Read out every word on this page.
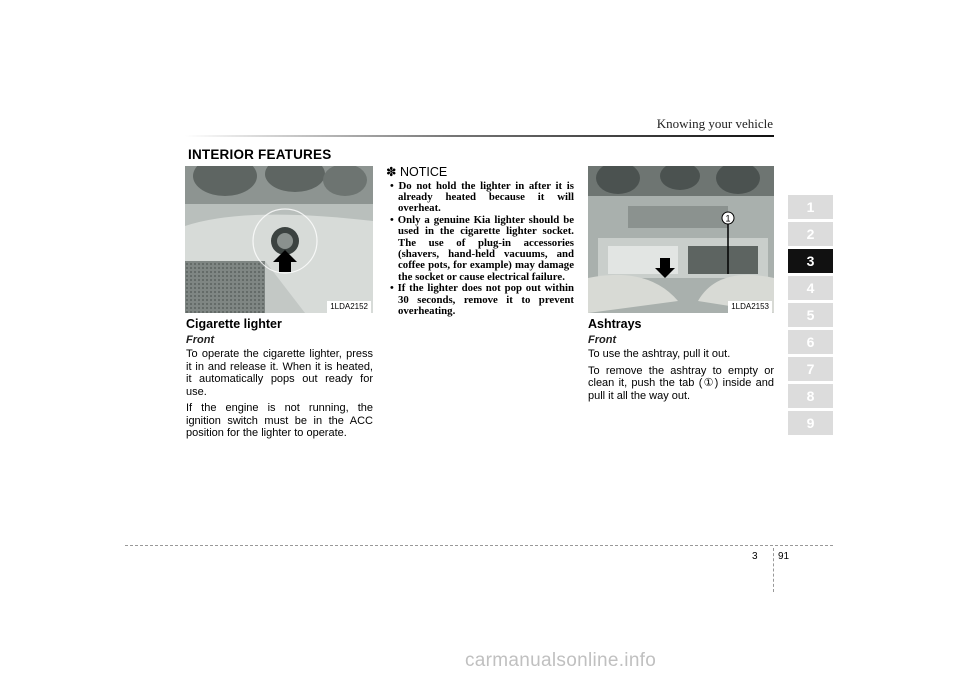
Knowing your vehicle
INTERIOR FEATURES
1LDA2152
1
1LDA2153
Cigarette lighter
Front

To operate the cigarette lighter, press it in and release it. When it is heated, it automatically pops out ready for use.

If the engine is not running, the ignition switch must be in the ACC position for the lighter to operate.

✽ NOTICE
• Do not hold the lighter in after it is already heated because it will overheat.
• Only a genuine Kia lighter should be used in the cigarette lighter socket. The use of plug-in accessories (shavers, hand-held vacuums, and coffee pots, for example) may damage the socket or cause electrical failure.
• If the lighter does not pop out within 30 seconds, remove it to prevent overheating.
Ashtrays
Front

To use the ashtray, pull it out.

To remove the ashtray to empty or clean it, push the tab (①) inside and pull it all the way out.

1
2
3
4
5
6
7
8
9
3 91
carmanualsonline.info
